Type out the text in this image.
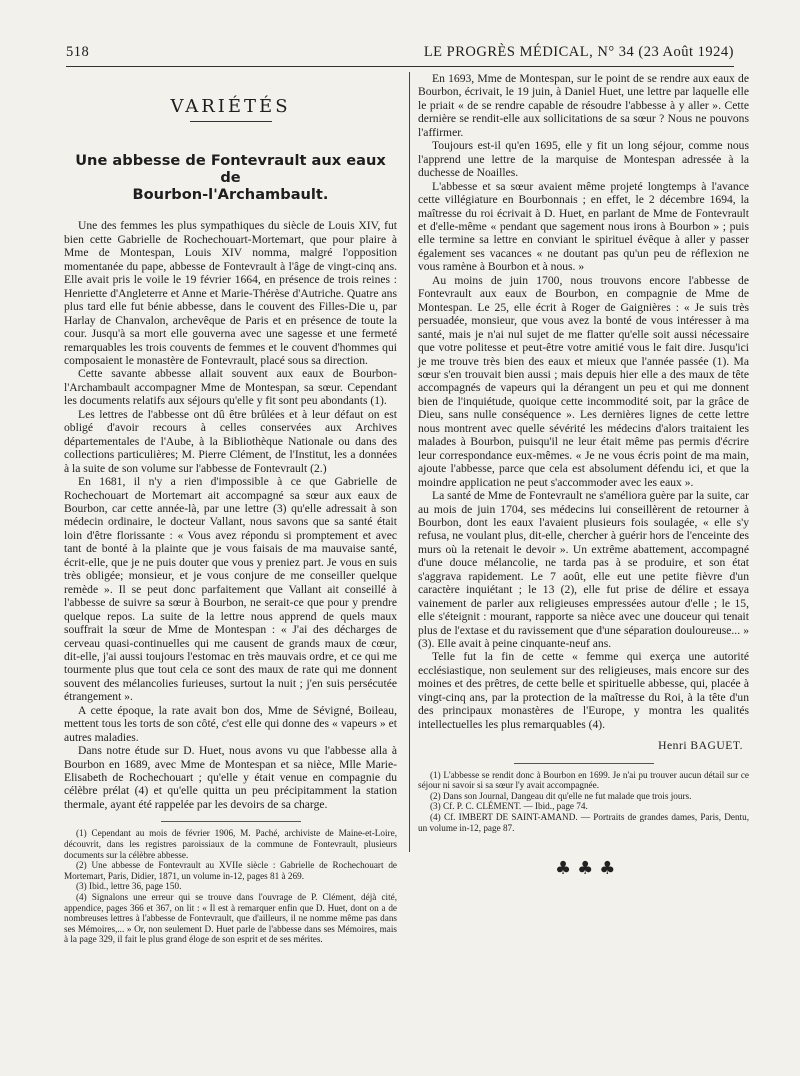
518	LE PROGRÈS MÉDICAL, N° 34 (23 Août 1924)
VARIÉTÉS
Une abbesse de Fontevrault aux eaux de
Bourbon-l'Archambault.

Une des femmes les plus sympathiques du siècle de Louis XIV, fut bien cette Gabrielle de Rochechouart-Mortemart, que pour plaire à Mme de Montespan, Louis XIV nomma, malgré l'opposition momentanée du pape, abbesse de Fontevrault à l'âge de vingt-cinq ans. Elle avait pris le voile le 19 février 1664, en présence de trois reines : Henriette d'Angleterre et Anne et Marie-Thérèse d'Autriche. Quatre ans plus tard elle fut bénie abbesse, dans le couvent des Filles-Die u, par Harlay de Chanvalon, archevêque de Paris et en présence de toute la cour. Jusqu'à sa mort elle gouverna avec une sagesse et une fermeté remarquables les trois couvents de femmes et le couvent d'hommes qui composaient le monastère de Fontevrault, placé sous sa direction.

Cette savante abbesse allait souvent aux eaux de Bourbon-l'Archambault accompagner Mme de Montespan, sa sœur. Cependant les documents relatifs aux séjours qu'elle y fit sont peu abondants (1).

Les lettres de l'abbesse ont dû être brûlées et à leur défaut on est obligé d'avoir recours à celles conservées aux Archives départementales de l'Aube, à la Bibliothèque Nationale ou dans des collections particulières; M. Pierre Clément, de l'Institut, les a données à la suite de son volume sur l'abbesse de Fontevrault (2.)

En 1681, il n'y a rien d'impossible à ce que Gabrielle de Rochechouart de Mortemart ait accompagné sa sœur aux eaux de Bourbon, car cette année-là, par une lettre (3) qu'elle adressait à son médecin ordinaire, le docteur Vallant, nous savons que sa santé était loin d'être florissante : « Vous avez répondu si promptement et avec tant de bonté à la plainte que je vous faisais de ma mauvaise santé, écrit-elle, que je ne puis douter que vous y preniez part. Je vous en suis très obligée; monsieur, et je vous conjure de me conseiller quelque remède ». Il se peut donc parfaitement que Vallant ait conseillé à l'abbesse de suivre sa sœur à Bourbon, ne serait-ce que pour y prendre quelque repos. La suite de la lettre nous apprend de quels maux souffrait la sœur de Mme de Montespan : « J'ai des décharges de cerveau quasi-continuelles qui me causent de grands maux de cœur, dit-elle, j'ai aussi toujours l'estomac en très mauvais ordre, et ce qui me tourmente plus que tout cela ce sont des maux de rate qui me donnent souvent des mélancolies furieuses, surtout la nuit ; j'en suis persécutée étrangement ».

A cette époque, la rate avait bon dos, Mme de Sévigné, Boileau, mettent tous les torts de son côté, c'est elle qui donne des « vapeurs » et autres maladies.

Dans notre étude sur D. Huet, nous avons vu que l'abbesse alla à Bourbon en 1689, avec Mme de Montespan et sa nièce, Mlle Marie-Elisabeth de Rochechouart ; qu'elle y était venue en compagnie du célèbre prélat (4) et qu'elle quitta un peu précipitamment la station thermale, ayant été rappelée par les devoirs de sa charge.

(1) Cependant au mois de février 1906, M. Paché, archiviste de Maine-et-Loire, découvrit, dans les registres paroissiaux de la commune de Fontevrault, plusieurs documents sur la célèbre abbesse.
(2) Une abbesse de Fontevrault au XVIIe siècle : Gabrielle de Rochechouart de Mortemart, Paris, Didier, 1871, un volume in-12, pages 81 à 269.
(3) Ibid., lettre 36, page 150.
(4) Signalons une erreur qui se trouve dans l'ouvrage de P. Clément, déjà cité, appendice, pages 366 et 367, on lit : « Il est à remarquer enfin que D. Huet, dont on a de nombreuses lettres à l'abbesse de Fontevrault, que d'ailleurs, il ne nomme même pas dans ses Mémoires,... » Or, non seulement D. Huet parle de l'abbesse dans ses Mémoires, mais à la page 329, il fait le plus grand éloge de son esprit et de ses mérites.

En 1693, Mme de Montespan, sur le point de se rendre aux eaux de Bourbon, écrivait, le 19 juin, à Daniel Huet, une lettre par laquelle elle le priait « de se rendre capable de résoudre l'abbesse à y aller ». Cette dernière se rendit-elle aux sollicitations de sa sœur ? Nous ne pouvons l'affirmer.

Toujours est-il qu'en 1695, elle y fit un long séjour, comme nous l'apprend une lettre de la marquise de Montespan adressée à la duchesse de Noailles.

L'abbesse et sa sœur avaient même projeté longtemps à l'avance cette villégiature en Bourbonnais ; en effet, le 2 décembre 1694, la maîtresse du roi écrivait à D. Huet, en parlant de Mme de Fontevrault et d'elle-même « pendant que sagement nous irons à Bourbon » ; puis elle termine sa lettre en conviant le spirituel évêque à aller y passer également ses vacances « ne doutant pas qu'un peu de réflexion ne vous ramène à Bourbon et à nous. »

Au moins de juin 1700, nous trouvons encore l'abbesse de Fontevrault aux eaux de Bourbon, en compagnie de Mme de Montespan. Le 25, elle écrit à Roger de Gaignières : « Je suis très persuadée, monsieur, que vous avez la bonté de vous intéresser à ma santé, mais je n'ai nul sujet de me flatter qu'elle soit aussi nécessaire que votre politesse et peut-être votre amitié vous le fait dire. Jusqu'ici je me trouve très bien des eaux et mieux que l'année passée (1). Ma sœur s'en trouvait bien aussi ; mais depuis hier elle a des maux de tête accompagnés de vapeurs qui la dérangent un peu et qui me donnent bien de l'inquiétude, quoique cette incommodité soit, par la grâce de Dieu, sans nulle conséquence ». Les dernières lignes de cette lettre nous montrent avec quelle sévérité les médecins d'alors traitaient les malades à Bourbon, puisqu'il ne leur était même pas permis d'écrire leur correspondance eux-mêmes. « Je ne vous écris point de ma main, ajoute l'abbesse, parce que cela est absolument défendu ici, et que la moindre application ne peut s'accommoder avec les eaux ».

La santé de Mme de Fontevrault ne s'améliora guère par la suite, car au mois de juin 1704, ses médecins lui conseillèrent de retourner à Bourbon, dont les eaux l'avaient plusieurs fois soulagée, « elle s'y refusa, ne voulant plus, dit-elle, chercher à guérir hors de l'enceinte des murs où la retenait le devoir ». Un extrême abattement, accompagné d'une douce mélancolie, ne tarda pas à se produire, et son état s'aggrava rapidement. Le 7 août, elle eut une petite fièvre d'un caractère inquiétant ; le 13 (2), elle fut prise de délire et essaya vainement de parler aux religieuses empressées autour d'elle ; le 15, elle s'éteignit : mourant, rapporte sa nièce avec une douceur qui tenait plus de l'extase et du ravissement que d'une séparation douloureuse... » (3). Elle avait à peine cinquante-neuf ans.

Telle fut la fin de cette « femme qui exerça une autorité ecclésiastique, non seulement sur des religieuses, mais encore sur des moines et des prêtres, de cette belle et spirituelle abbesse, qui, placée à vingt-cinq ans, par la protection de la maîtresse du Roi, à la tête d'un des principaux monastères de l'Europe, y montra les qualités intellectuelles les plus remarquables (4).

Henri BAGUET.
(1) L'abbesse se rendit donc à Bourbon en 1699. Je n'ai pu trouver aucun détail sur ce séjour ni savoir si sa sœur l'y avait accompagnée.
(2) Dans son Journal, Dangeau dit qu'elle ne fut malade que trois jours.
(3) Cf. P. C. CLÉMENT. — Ibid., page 74.
(4) Cf. IMBERT DE SAINT-AMAND. — Portraits de grandes dames, Paris, Dentu, un volume in-12, page 87.
♣♣♣
